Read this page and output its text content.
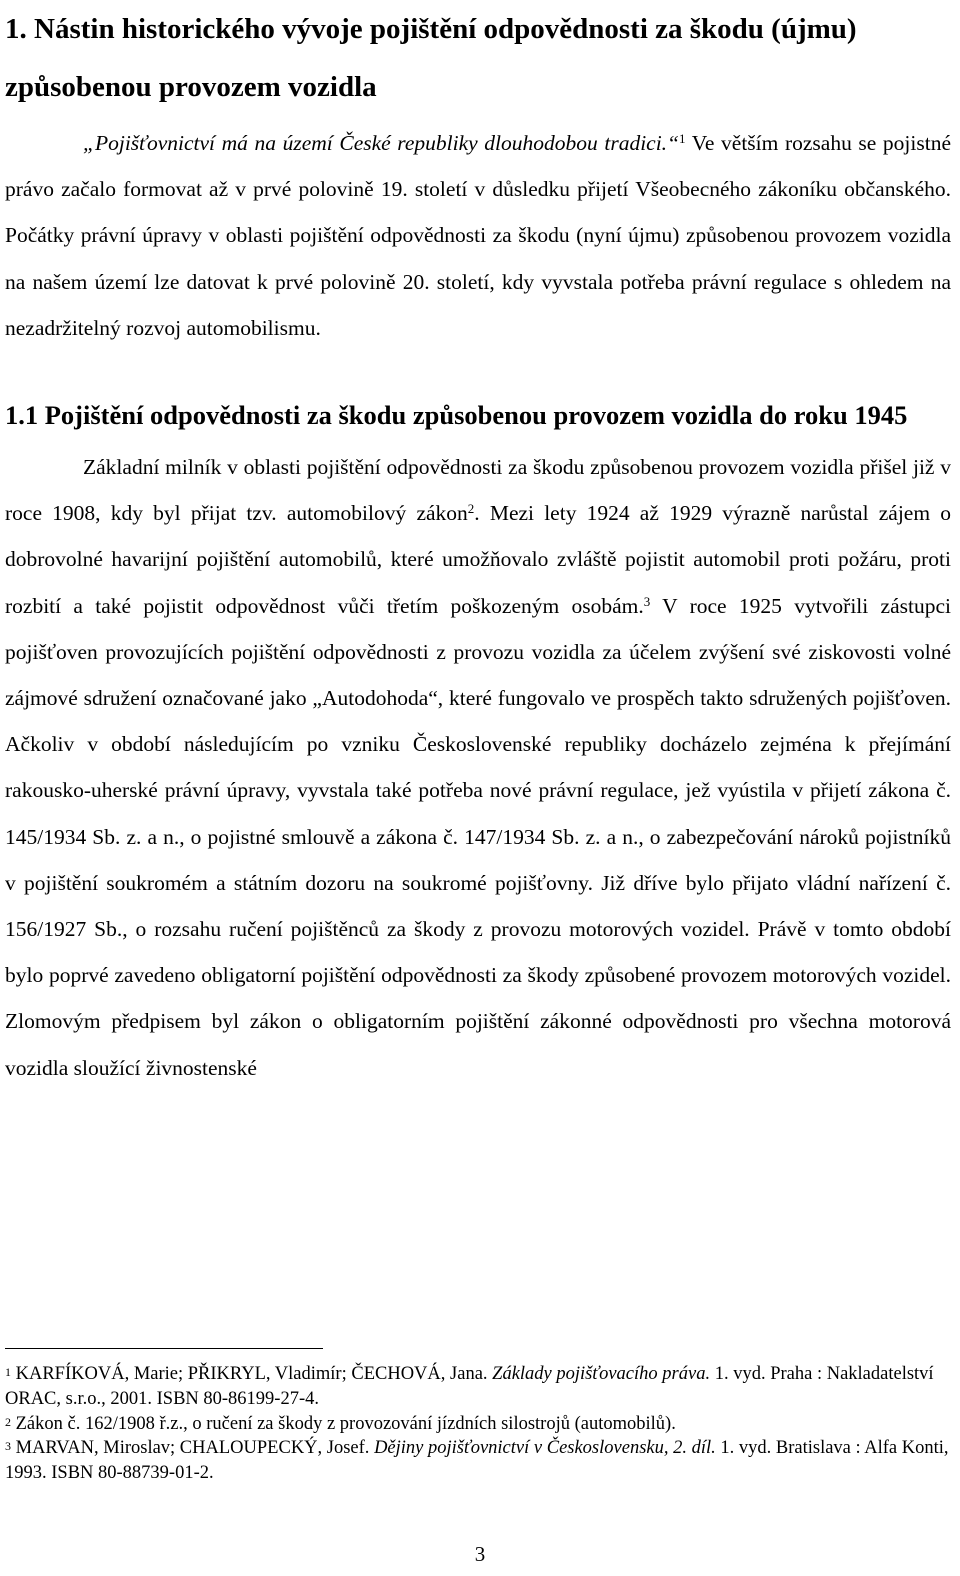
1. Nástin historického vývoje pojištění odpovědnosti za škodu (újmu) způsobenou provozem vozidla

„Pojišťovnictví má na území České republiky dlouhodobou tradici.“$^1$ Ve větším rozsahu se pojistné právo začalo formovat až v prvé polovině 19. století v důsledku přijetí Všeobecného zákoníku občanského. Počátky právní úpravy v oblasti pojištění odpovědnosti za škodu (nyní újmu) způsobenou provozem vozidla na našem území lze datovat k prvé polovině 20. století, kdy vyvstala potřeba právní regulace s ohledem na nezadržitelný rozvoj automobilismu.

1.1 Pojištění odpovědnosti za škodu způsobenou provozem vozidla do roku 1945

Základní milník v oblasti pojištění odpovědnosti za škodu způsobenou provozem vozidla přišel již v roce 1908, kdy byl přijat tzv. automobilový zákon$^2$. Mezi lety 1924 až 1929 výrazně narůstal zájem o dobrovolné havarijní pojištění automobilů, které umožňovalo zvláště pojistit automobil proti požáru, proti rozbití a také pojistit odpovědnost vůči třetím poškozeným osobám.$^3$ V roce 1925 vytvořili zástupci pojišťoven provozujících pojištění odpovědnosti z provozu vozidla za účelem zvýšení své ziskovosti volné zájmové sdružení označované jako „Autodohoda“, které fungovalo ve prospěch takto sdružených pojišťoven. Ačkoliv v období následujícím po vzniku Československé republiky docházelo zejména k přejímání rakousko-uherské právní úpravy, vyvstala také potřeba nové právní regulace, jež vyústila v přijetí zákona č. 145/1934 Sb. z. a n., o pojistné smlouvě a zákona č. 147/1934 Sb. z. a n., o zabezpečování nároků pojistníků v pojištění soukromém a státním dozoru na soukromé pojišťovny. Již dříve bylo přijato vládní nařízení č. 156/1927 Sb., o rozsahu ručení pojištěnců za škody z provozu motorových vozidel. Právě v tomto období bylo poprvé zavedeno obligatorní pojištění odpovědnosti za škody způsobené provozem motorových vozidel. Zlomovým předpisem byl zákon o obligatorním pojištění zákonné odpovědnosti pro všechna motorová vozidla sloužící živnostenské

$^1$ KARFÍKOVÁ, Marie; PŘIKRYL, Vladimír; ČECHOVÁ, Jana. Základy pojišťovacího práva. 1. vyd. Praha : Nakladatelství ORAC, s.r.o., 2001. ISBN 80-86199-27-4.
$^2$ Zákon č. 162/1908 ř.z., o ručení za škody z provozování jízdních silostrojů (automobilů).
$^3$ MARVAN, Miroslav; CHALOUPECKÝ, Josef. Dějiny pojišťovnictví v Československu, 2. díl. 1. vyd. Bratislava : Alfa Konti, 1993. ISBN 80-88739-01-2.
3
